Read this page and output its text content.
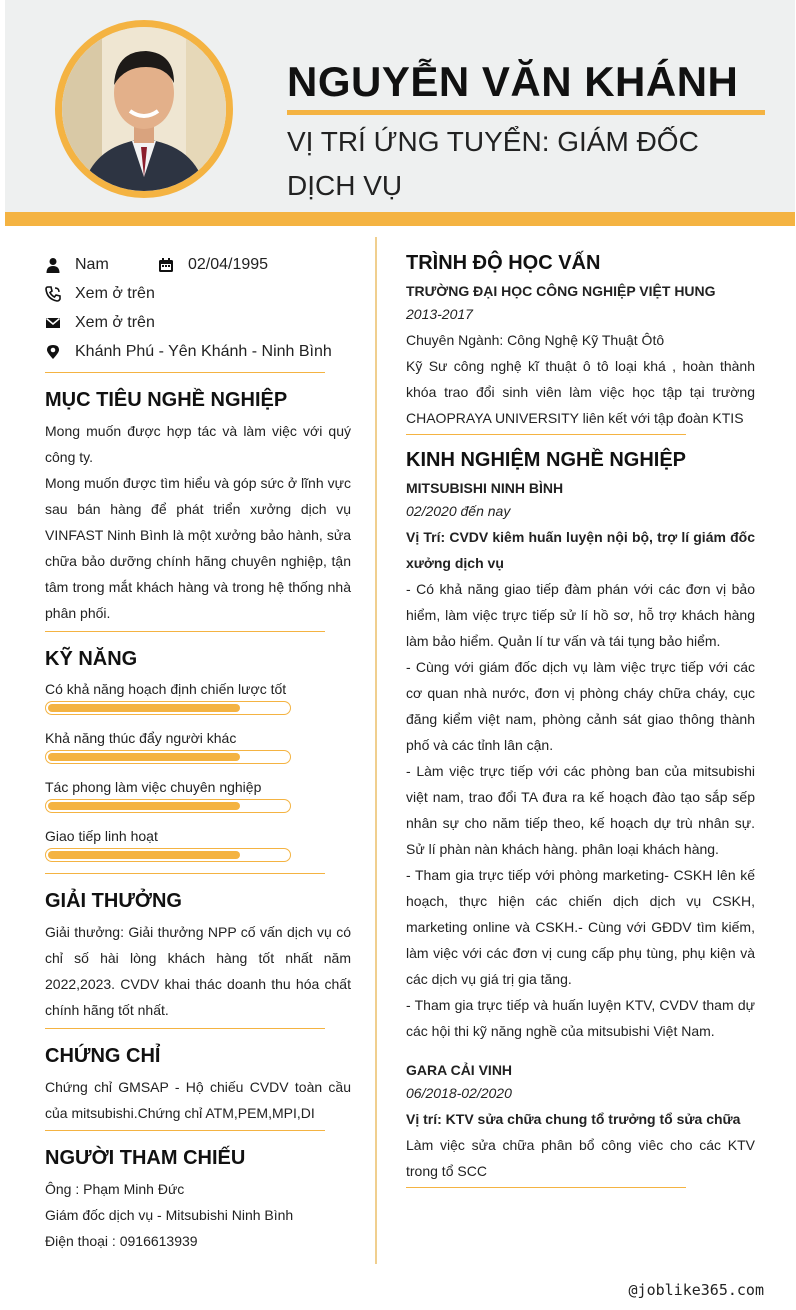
NGUYỄN VĂN KHÁNH
VỊ TRÍ ỨNG TUYỂN: GIÁM ĐỐC DỊCH VỤ
Nam	02/04/1995
Xem ở trên
Xem ở trên
Khánh Phú - Yên Khánh - Ninh Bình
MỤC TIÊU NGHỀ NGHIỆP
Mong muốn được hợp tác và làm việc với quý công ty.
Mong muốn được tìm hiểu và góp sức ở lĩnh vực sau bán hàng để phát triển xưởng dịch vụ VINFAST Ninh Bình là một xưởng bảo hành, sửa chữa bảo dưỡng chính hãng chuyên nghiệp, tận tâm trong mắt khách hàng và trong hệ thống nhà phân phối.
KỸ NĂNG
Có khả năng hoạch định chiến lược tốt
Khả năng thúc đẩy người khác
Tác phong làm việc chuyên nghiệp
Giao tiếp linh hoạt
GIẢI THƯỞNG
Giải thưởng: Giải thưởng NPP cố vấn dịch vụ có chỉ số hài lòng khách hàng tốt nhất năm 2022,2023. CVDV khai thác doanh thu hóa chất chính hãng tốt nhất.
CHỨNG CHỈ
Chứng chỉ GMSAP - Hộ chiếu CVDV toàn cầu của mitsubishi.Chứng chỉ ATM,PEM,MPI,DI
NGƯỜI THAM CHIẾU
Ông : Phạm Minh Đức
Giám đốc dịch vụ - Mitsubishi Ninh Bình
Điện thoại : 0916613939
TRÌNH ĐỘ HỌC VẤN
TRƯỜNG ĐẠI HỌC CÔNG NGHIỆP VIỆT HUNG
2013-2017
Chuyên Ngành: Công Nghệ Kỹ Thuật Ôtô
Kỹ Sư công nghệ kĩ thuật ô tô loại khá , hoàn thành khóa trao đổi sinh viên làm việc học tập tại trường CHAOPRAYA UNIVERSITY liên kết với tập đoàn KTIS
KINH NGHIỆM NGHỀ NGHIỆP
MITSUBISHI NINH BÌNH
02/2020 đến nay
Vị Trí: CVDV kiêm huấn luyện nội bộ, trợ lí giám đốc xưởng dịch vụ
- Có khả năng giao tiếp đàm phán với các đơn vị bảo hiểm, làm việc trực tiếp sử lí hồ sơ, hỗ trợ khách hàng làm bảo hiểm. Quản lí tư vấn và tái tụng bảo hiểm.
- Cùng với giám đốc dịch vụ làm việc trực tiếp với các cơ quan nhà nước, đơn vị phòng cháy chữa cháy, cục đăng kiểm việt nam, phòng cảnh sát giao thông thành phố và các tỉnh lân cận.
- Làm việc trực tiếp với các phòng ban của mitsubishi việt nam, trao đổi TA đưa ra kế hoạch đào tạo sắp sếp nhân sự cho năm tiếp theo, kế hoạch dự trù nhân sự. Sử lí phàn nàn khách hàng. phân loại khách hàng.
- Tham gia trực tiếp với phòng marketing- CSKH lên kế hoạch, thực hiện các chiến dịch dịch vụ CSKH, marketing online và CSKH.- Cùng với GĐDV tìm kiếm, làm việc với các đơn vị cung cấp phụ tùng, phụ kiện và các dịch vụ giá trị gia tăng.
- Tham gia trực tiếp và huấn luyện KTV, CVDV tham dự các hội thi kỹ năng nghề của mitsubishi Việt Nam.
GARA CẢI VINH
06/2018-02/2020
Vị trí: KTV sửa chữa chung tổ trưởng tổ sửa chữa
Làm việc sửa chữa phân bổ công viêc cho các KTV trong tổ SCC
@joblike365.com
